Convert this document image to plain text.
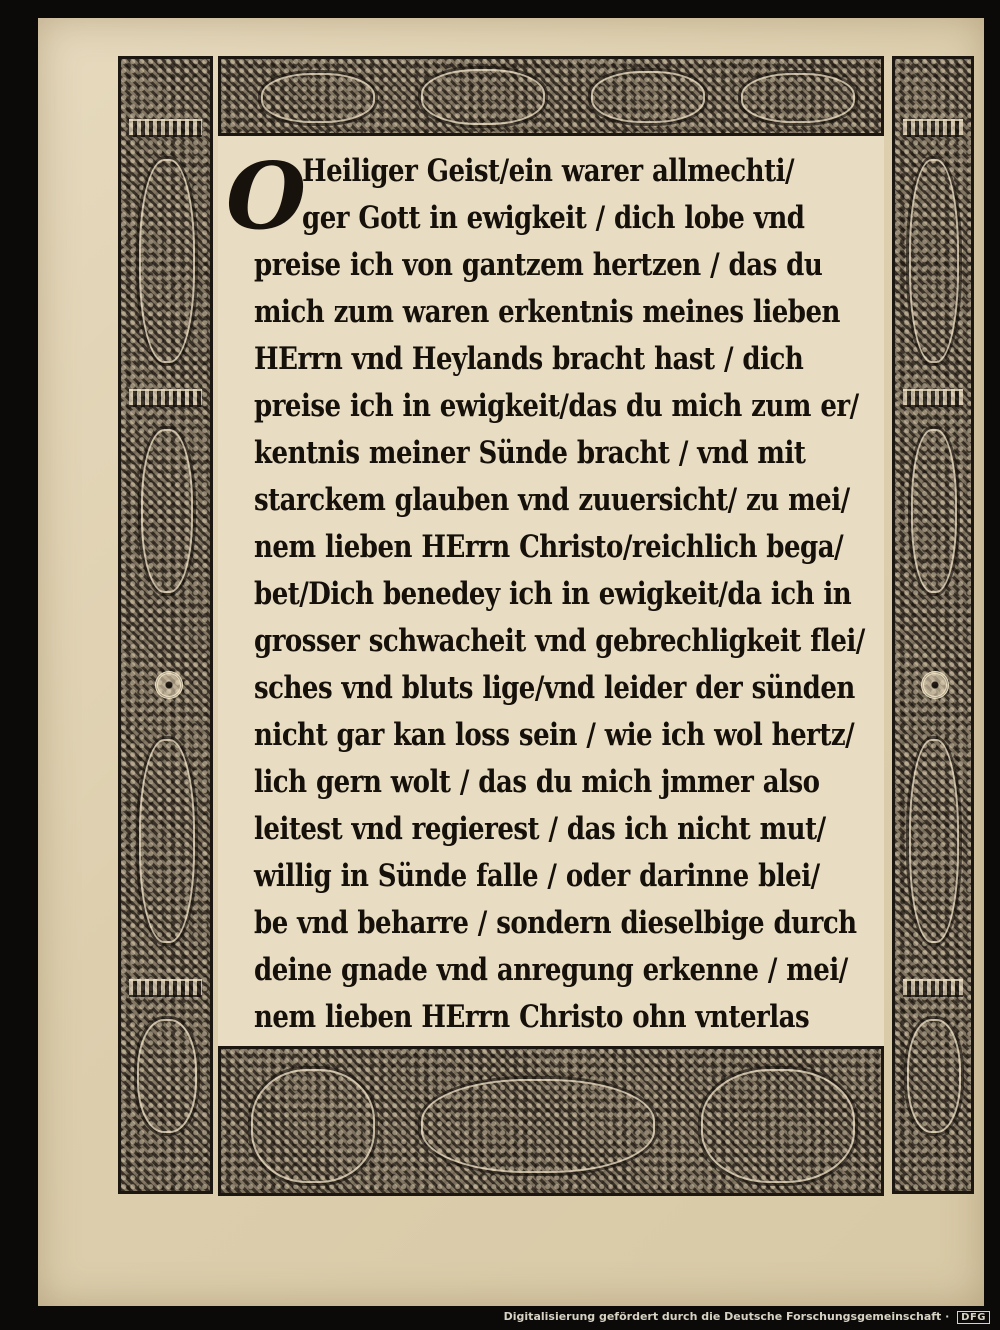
O

Heiliger Geist/ein warer allmechti/

ger Gott in ewigkeit / dich lobe vnd

preise ich von gantzem hertzen / das du

mich zum waren erkentnis meines lieben

HErrn vnd Heylands bracht hast / dich

preise ich in ewigkeit/das du mich zum er/

kentnis meiner Sünde bracht / vnd mit

starckem glauben vnd zuuersicht/ zu mei/

nem lieben HErrn Christo/reichlich bega/

bet/Dich benedey ich in ewigkeit/da ich in

grosser schwacheit vnd gebrechligkeit flei/

sches vnd bluts lige/vnd leider der sünden

nicht gar kan loss sein / wie ich wol hertz/

lich gern wolt / das du mich jmmer also

leitest vnd regierest / das ich nicht mut/

willig in Sünde falle / oder darinne blei/

be vnd beharre / sondern dieselbige durch

deine gnade vnd anregung erkenne / mei/

nem lieben HErrn Christo ohn vnterlas

Digitalisierung gefördert durch die Deutsche Forschungsgemeinschaft · DFG
